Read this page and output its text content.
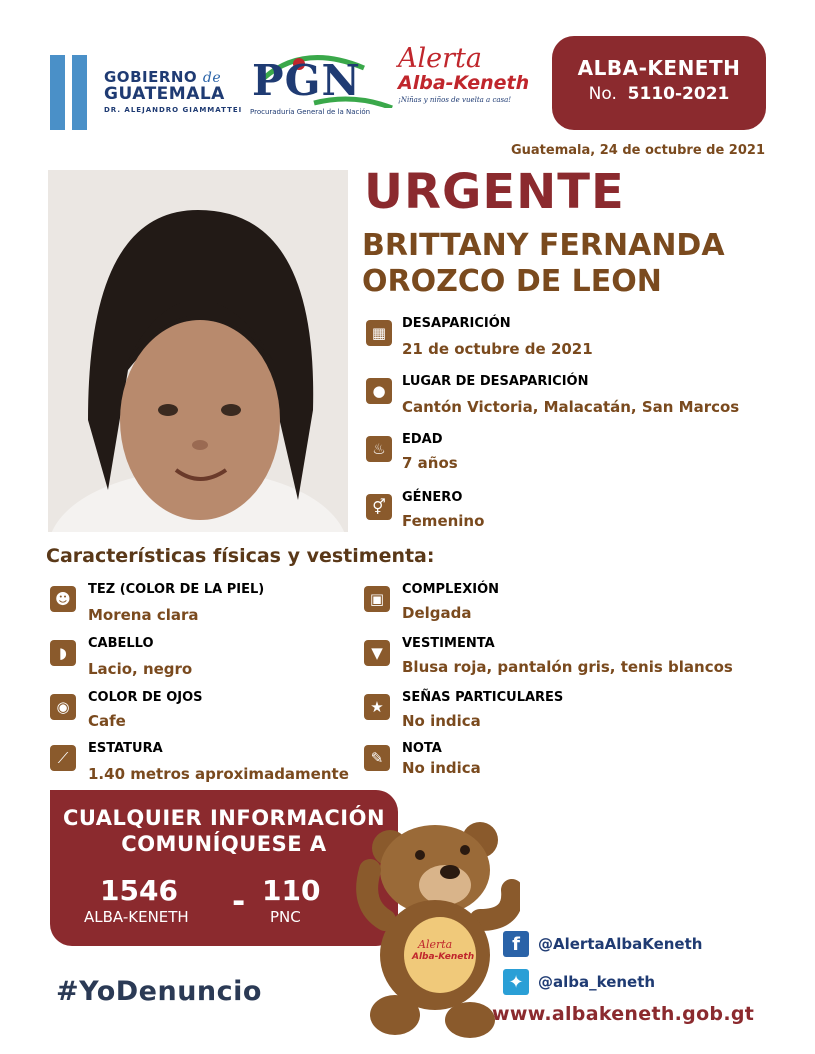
GOBIERNO de
GUATEMALA
DR. ALEJANDRO GIAMMATTEI
PGN
Procuraduría General de la Nación
Alerta
Alba-Keneth
¡Niñas y niños de vuelta a casa!
ALBA-KENETH
No. 5110-2021
Guatemala, 24 de octubre de 2021
URGENTE
BRITTANY FERNANDA
OROZCO DE LEON
▦
DESAPARICIÓN
21 de octubre de 2021
●
LUGAR DE DESAPARICIÓN
Cantón Victoria, Malacatán, San Marcos
♨
EDAD
7 años
⚥
GÉNERO
Femenino
Características físicas y vestimenta:
☻
TEZ (COLOR DE LA PIEL)
Morena clara
◗
CABELLO
Lacio, negro
◉
COLOR DE OJOS
Cafe
⟋
ESTATURA
1.40 metros aproximadamente
▣
COMPLEXIÓN
Delgada
▼
VESTIMENTA
Blusa roja, pantalón gris, tenis blancos
★
SEÑAS PARTICULARES
No indica
✎
NOTA
No indica
CUALQUIER INFORMACIÓN
COMUNÍQUESE A
1546
ALBA-KENETH - 110
PNC
Alerta
Alba-Keneth
#YoDenuncio
f	@AlertaAlbaKeneth
✦ @alba_keneth
www.albakeneth.gob.gt
